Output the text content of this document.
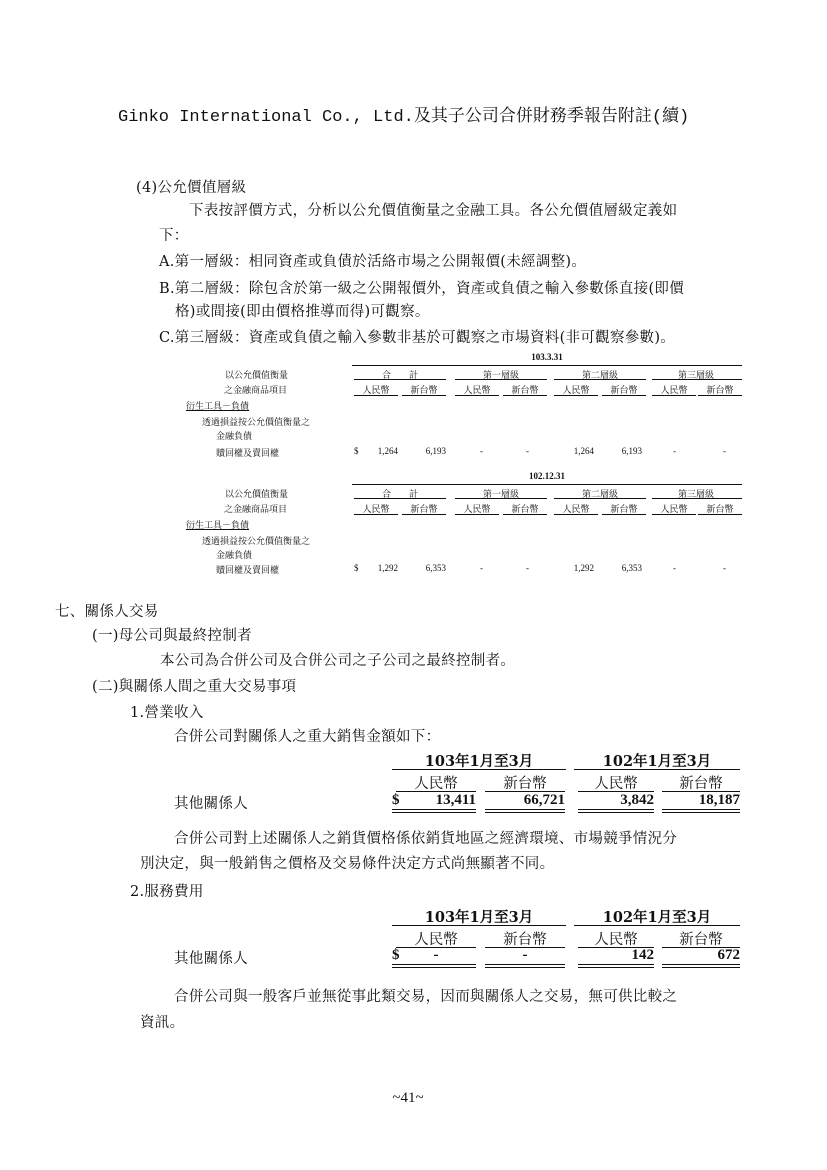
Ginko International Co., Ltd.及其子公司合併財務季報告附註(續)
(4)公允價值層級
下表按評價方式，分析以公允價值衡量之金融工具。各公允價值層級定義如
下：
A.第一層級：相同資產或負債於活絡市場之公開報價(未經調整)。
B.第二層級：除包含於第一級之公開報價外，資產或負債之輸入參數係直接(即價
格)或間接(即由價格推導而得)可觀察。
C.第三層級：資產或負債之輸入參數非基於可觀察之市場資料(非可觀察參數)。
103.3.31
以公允價值衡量
之金融商品項目
合　　計	第一層級	第二層級	第三層級
人民幣	新台幣	人民幣	新台幣	人民幣	新台幣	人民幣	新台幣
衍生工具－負債
透過損益按公允價值衡量之
金融負債
贖回權及賣回權	$	1,264	6,193	-	-	1,264	6,193	-	-
102.12.31
以公允價值衡量
之金融商品項目
合　　計	第一層級	第二層級	第三層級
人民幣	新台幣	人民幣	新台幣	人民幣	新台幣	人民幣	新台幣
衍生工具－負債
透過損益按公允價值衡量之
金融負債
贖回權及賣回權	$	1,292	6,353	-	-	1,292	6,353	-	-
七、關係人交易
(一)母公司與最終控制者
本公司為合併公司及合併公司之子公司之最終控制者。
(二)與關係人間之重大交易事項
1.營業收入
合併公司對關係人之重大銷售金額如下：
103年1月至3月	102年1月至3月
人民幣	新台幣	人民幣	新台幣
其他關係人	$	13,411	66,721	3,842	18,187
合併公司對上述關係人之銷貨價格係依銷貨地區之經濟環境、市場競爭情況分
別決定，與一般銷售之價格及交易條件決定方式尚無顯著不同。
2.服務費用
103年1月至3月	102年1月至3月
人民幣	新台幣	人民幣	新台幣
其他關係人	$	-	-	142	672
合併公司與一般客戶並無從事此類交易，因而與關係人之交易，無可供比較之
資訊。
~41~
